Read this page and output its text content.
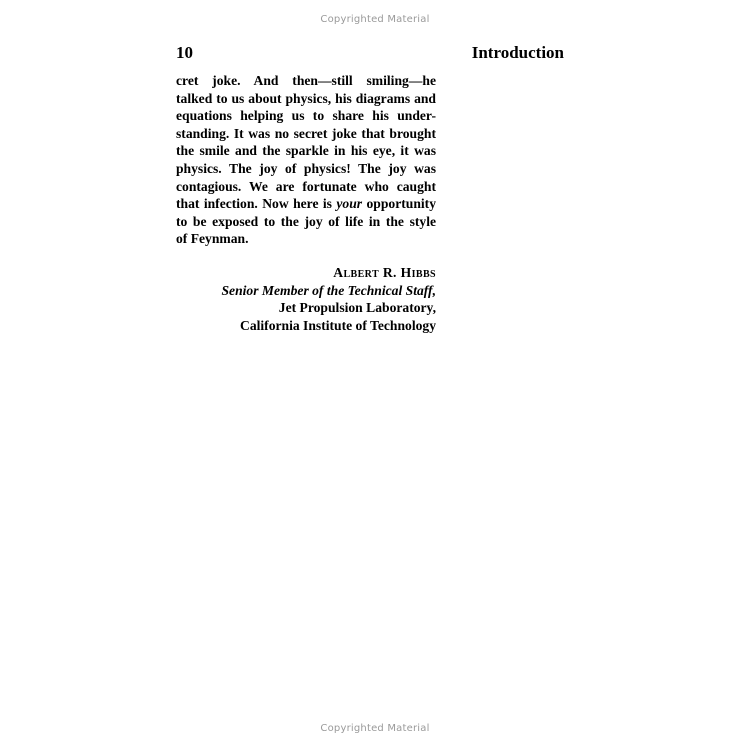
Copyrighted Material
10	Introduction
cret joke. And then—still smiling—he
talked to us about physics, his diagrams and
equations helping us to share his under-
standing. It was no secret joke that brought
the smile and the sparkle in his eye, it was
physics. The joy of physics! The joy was
contagious. We are fortunate who caught
that infection. Now here is your opportunity
to be exposed to the joy of life in the style
of Feynman.
Albert R. Hibbs
Senior Member of the Technical Staff,
Jet Propulsion Laboratory,
California Institute of Technology
Copyrighted Material
